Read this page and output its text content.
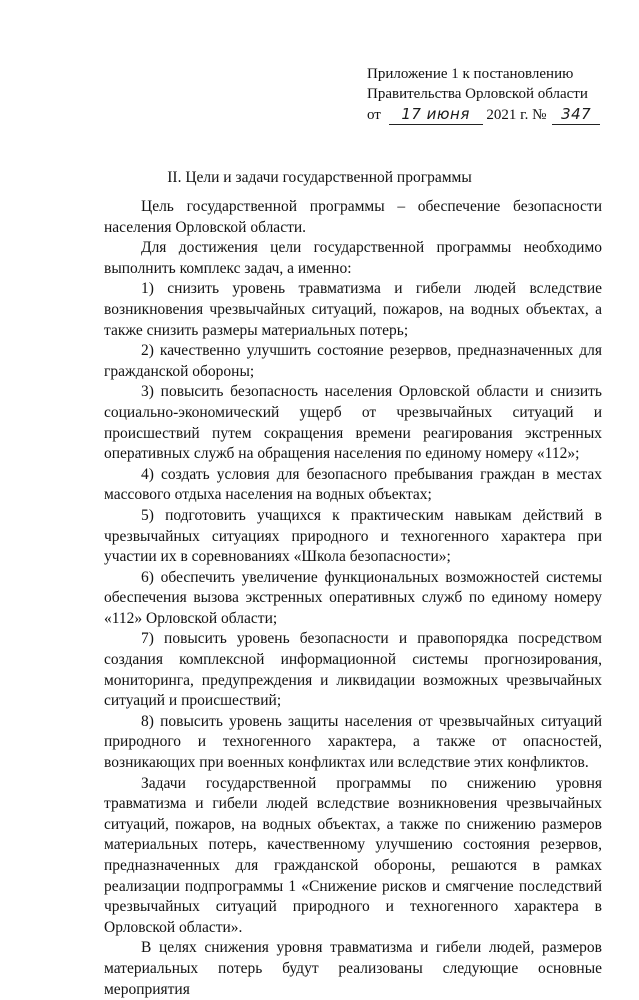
Приложение 1 к постановлению
Правительства Орловской области
от 17 июня 2021 г. № 347
II. Цели и задачи государственной программы

Цель государственной программы – обеспечение безопасности населения Орловской области.

Для достижения цели государственной программы необходимо выполнить комплекс задач, а именно:

1) снизить уровень травматизма и гибели людей вследствие возникновения чрезвычайных ситуаций, пожаров, на водных объектах, а также снизить размеры материальных потерь;

2) качественно улучшить состояние резервов, предназначенных для гражданской обороны;

3) повысить безопасность населения Орловской области и снизить социально-экономический ущерб от чрезвычайных ситуаций и происшествий путем сокращения времени реагирования экстренных оперативных служб на обращения населения по единому номеру «112»;

4) создать условия для безопасного пребывания граждан в местах массового отдыха населения на водных объектах;

5) подготовить учащихся к практическим навыкам действий в чрезвычайных ситуациях природного и техногенного характера при участии их в соревнованиях «Школа безопасности»;

6) обеспечить увеличение функциональных возможностей системы обеспечения вызова экстренных оперативных служб по единому номеру «112» Орловской области;

7) повысить уровень безопасности и правопорядка посредством создания комплексной информационной системы прогнозирования, мониторинга, предупреждения и ликвидации возможных чрезвычайных ситуаций и происшествий;

8) повысить уровень защиты населения от чрезвычайных ситуаций природного и техногенного характера, а также от опасностей, возникающих при военных конфликтах или вследствие этих конфликтов.

Задачи государственной программы по снижению уровня травматизма и гибели людей вследствие возникновения чрезвычайных ситуаций, пожаров, на водных объектах, а также по снижению размеров материальных потерь, качественному улучшению состояния резервов, предназначенных для гражданской обороны, решаются в рамках реализации подпрограммы 1 «Снижение рисков и смягчение последствий чрезвычайных ситуаций природного и техногенного характера в Орловской области».

В целях снижения уровня травматизма и гибели людей, размеров материальных потерь будут реализованы следующие основные мероприятия
